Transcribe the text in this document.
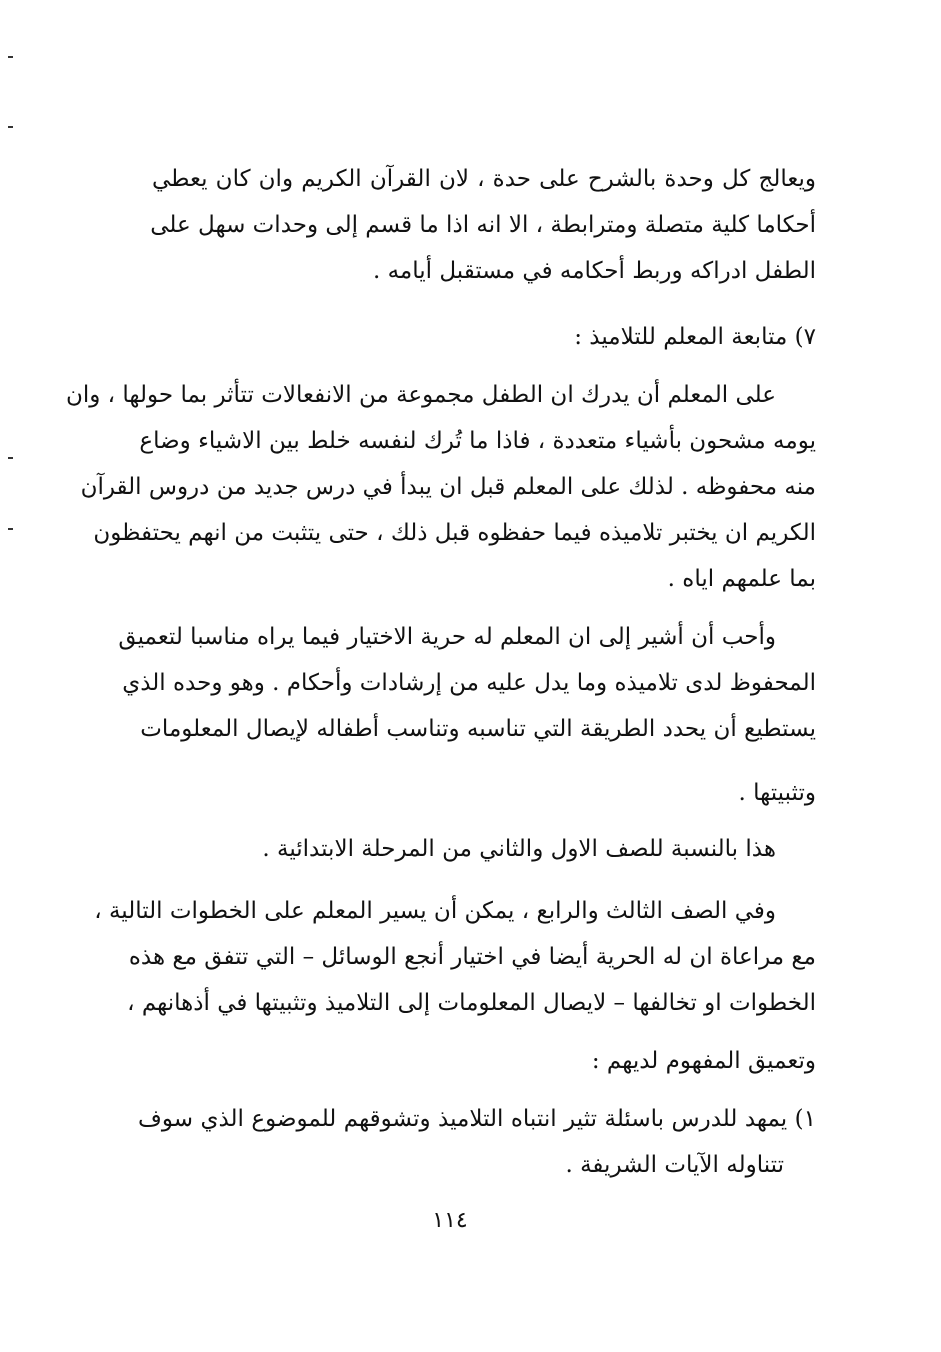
ويعالج كل وحدة بالشرح على حدة ، لان القرآن الكريم وان كان يعطي
أحكاما كلية متصلة ومترابطة ، الا انه اذا ما قسم إلى وحدات سهل على
الطفل ادراكه وربط أحكامه في مستقبل أيامه .
٧) متابعة المعلم للتلاميذ :
على المعلم أن يدرك ان الطفل مجموعة من الانفعالات تتأثر بما حولها ، وان
يومه مشحون بأشياء متعددة ، فاذا ما تُرك لنفسه خلط بين الاشياء وضاع
منه محفوظه . لذلك على المعلم قبل ان يبدأ في درس جديد من دروس القرآن
الكريم ان يختبر تلاميذه فيما حفظوه قبل ذلك ، حتى يتثبت من انهم يحتفظون
بما علمهم اياه .
وأحب أن أشير إلى ان المعلم له حرية الاختيار فيما يراه مناسبا لتعميق
المحفوظ لدى تلاميذه وما يدل عليه من إرشادات وأحكام . وهو وحده الذي
يستطيع أن يحدد الطريقة التي تناسبه وتناسب أطفاله لإيصال المعلومات
وتثبيتها .
هذا بالنسبة للصف الاول والثاني من المرحلة الابتدائية .
وفي الصف الثالث والرابع ، يمكن أن يسير المعلم على الخطوات التالية ،
مع مراعاة ان له الحرية أيضا في اختيار أنجع الوسائل – التي تتفق مع هذه
الخطوات او تخالفها – لايصال المعلومات إلى التلاميذ وتثبيتها في أذهانهم ،
وتعميق المفهوم لديهم :
١) يمهد للدرس باسئلة تثير انتباه التلاميذ وتشوقهم للموضوع الذي سوف
تتناوله الآيات الشريفة .
١١٤
